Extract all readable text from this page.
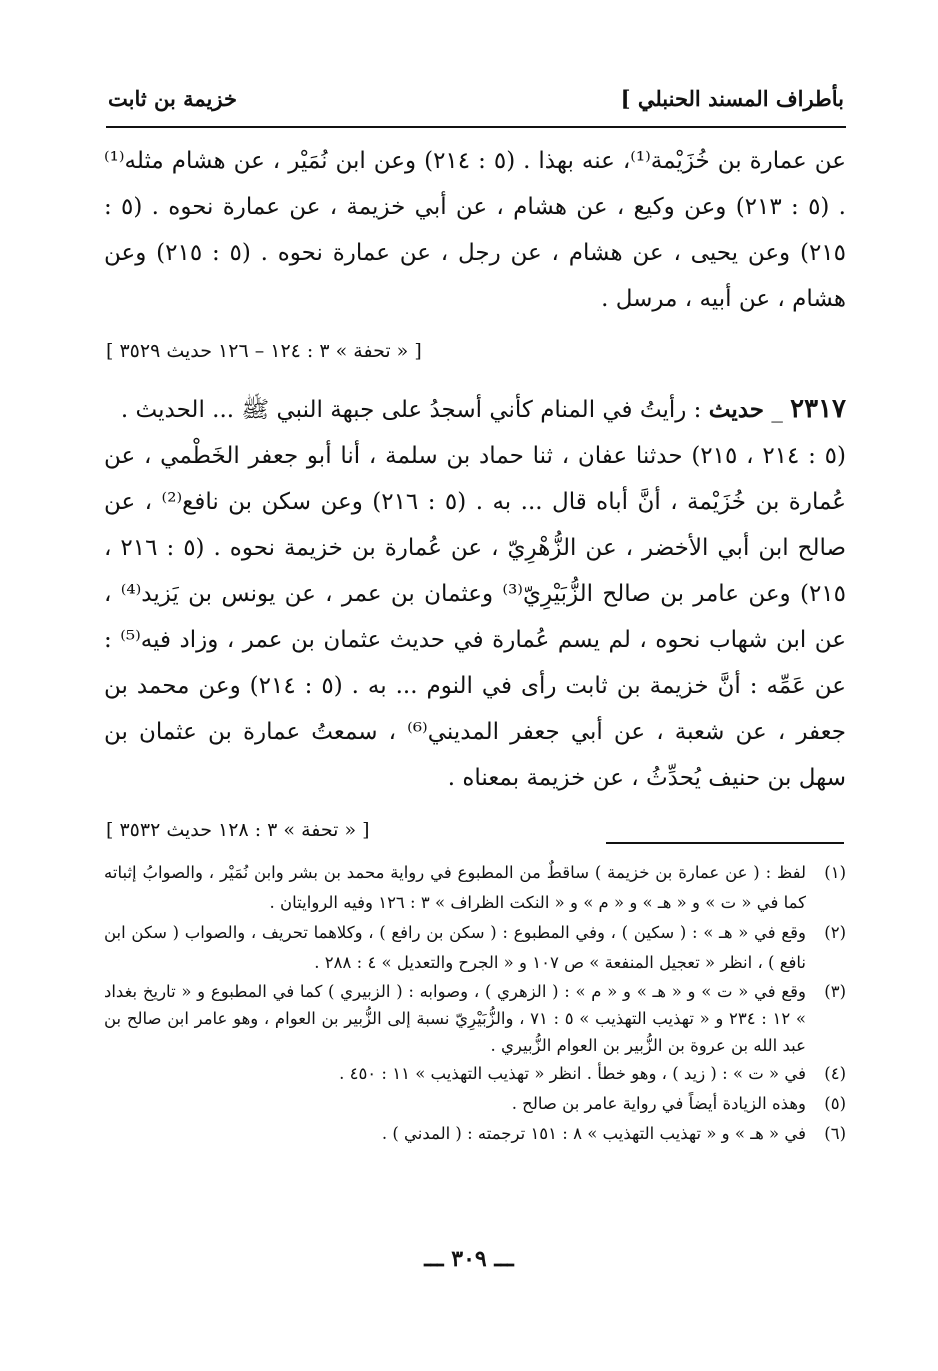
بأطراف المسند الحنبلي ]
خزيمة بن ثابت

عن عمارة بن خُزَيْمة⁽¹⁾، عنه بهذا . (٥ : ٢١٤) وعن ابن نُمَيْر ، عن هشام مثله⁽¹⁾ . (٥ : ٢١٣) وعن وكيع ، عن هشام ، عن أبي خزيمة ، عن عمارة نحوه . (٥ : ٢١٥) وعن يحيى ، عن هشام ، عن رجل ، عن عمارة نحوه . (٥ : ٢١٥) وعن هشام ، عن أبيه ، مرسل .

[ « تحفة » ٣ : ١٢٤ – ١٢٦ حديث ٣٥٢٩ ]

٢٣١٧ _ حديث : رأيتُ في المنام كأني أسجدُ على جبهة النبي ﷺ ... الحديث .

(٥ : ٢١٤ ، ٢١٥) حدثنا عفان ، ثنا حماد بن سلمة ، أنا أبو جعفر الخَطْمي ، عن عُمارة بن خُزَيْمة ، أنَّ أباه قال ... به . (٥ : ٢١٦) وعن سكن بن نافع⁽²⁾ ، عن صالح ابن أبي الأخضر ، عن الزُّهْرِيّ ، عن عُمارة بن خزيمة نحوه . (٥ : ٢١٦ ، ٢١٥) وعن عامر بن صالح الزُّبَيْرِيّ⁽³⁾ وعثمان بن عمر ، عن يونس بن يَزيد⁽⁴⁾ ، عن ابن شهاب نحوه ، لم يسم عُمارة في حديث عثمان بن عمر ، وزاد فيه⁽⁵⁾ : عن عَمِّه : أنَّ خزيمة بن ثابت رأى في النوم ... به . (٥ : ٢١٤) وعن محمد بن جعفر ، عن شعبة ، عن أبي جعفر المديني⁽⁶⁾ ، سمعتُ عمارة بن عثمان بن سهل بن حنيف يُحدِّثُ ، عن خزيمة بمعناه .

[ « تحفة » ٣ : ١٢٨ حديث ٣٥٣٢ ]

(١)
لفظ : ( عن عمارة بن خزيمة ) ساقطٌ من المطبوع في رواية محمد بن بشر وابن نُمَيْر ، والصوابُ إثباته كما في « ت » و « هـ » و « م » و « النكت الظراف » ٣ : ١٢٦ وفيه الروايتان .
(٢)
وقع في « هـ » : ( سكين ) ، وفي المطبوع : ( سكن بن رافع ) ، وكلاهما تحريف ، والصواب ( سكن ابن نافع ) ، انظر « تعجيل المنفعة » ص ١٠٧ و « الجرح والتعديل » ٤ : ٢٨٨ .
(٣)
وقع في « ت » و « هـ » و « م » : ( الزهري ) ، وصوابه : ( الزبيري ) كما في المطبوع و « تاريخ بغداد » ١٢ : ٢٣٤ و « تهذيب التهذيب » ٥ : ٧١ ، والزُّبَيْرِيّ نسبة إلى الزُّبير بن العوام ، وهو عامر ابن صالح بن عبد الله بن عروة بن الزُّبير بن العوام الزُّبيري .
(٤)
في « ت » : ( زيد ) ، وهو خطأ . انظر « تهذيب التهذيب » ١١ : ٤٥٠ .
(٥)
وهذه الزيادة أيضاً في رواية عامر بن صالح .
(٦)
في « هـ » و « تهذيب التهذيب » ٨ : ١٥١ ترجمته : ( المدني ) .
ـــ ٣٠٩ ـــ
